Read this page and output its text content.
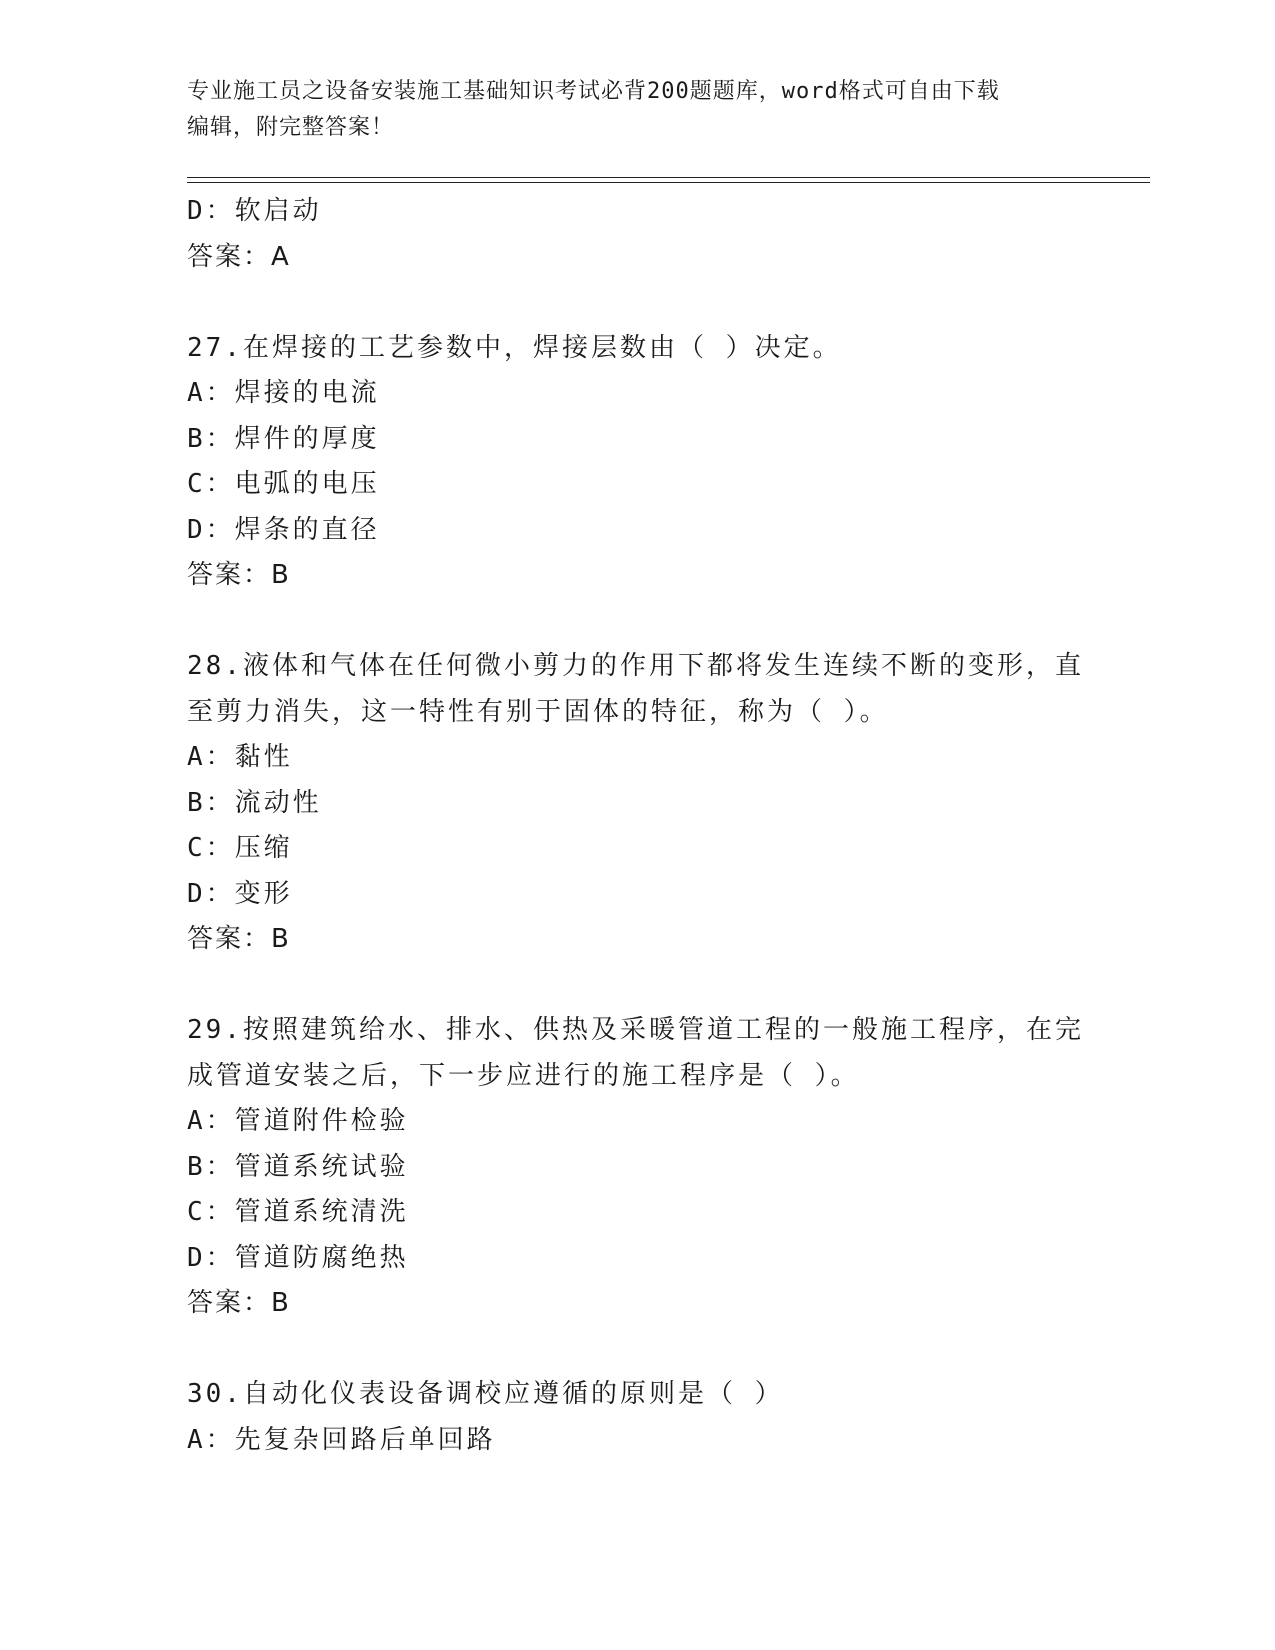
专业施工员之设备安装施工基础知识考试必背200题题库，word格式可自由下载
编辑，附完整答案！
D：软启动
答案：A
27.在焊接的工艺参数中，焊接层数由（ ）决定。
A：焊接的电流
B：焊件的厚度
C：电弧的电压
D：焊条的直径
答案：B
28.液体和气体在任何微小剪力的作用下都将发生连续不断的变形，直
至剪力消失，这一特性有别于固体的特征，称为（ ）。
A：黏性
B：流动性
C：压缩
D：变形
答案：B
29.按照建筑给水、排水、供热及采暖管道工程的一般施工程序，在完
成管道安装之后，下一步应进行的施工程序是（ ）。
A：管道附件检验
B：管道系统试验
C：管道系统清洗
D：管道防腐绝热
答案：B
30.自动化仪表设备调校应遵循的原则是（ ）
A：先复杂回路后单回路
